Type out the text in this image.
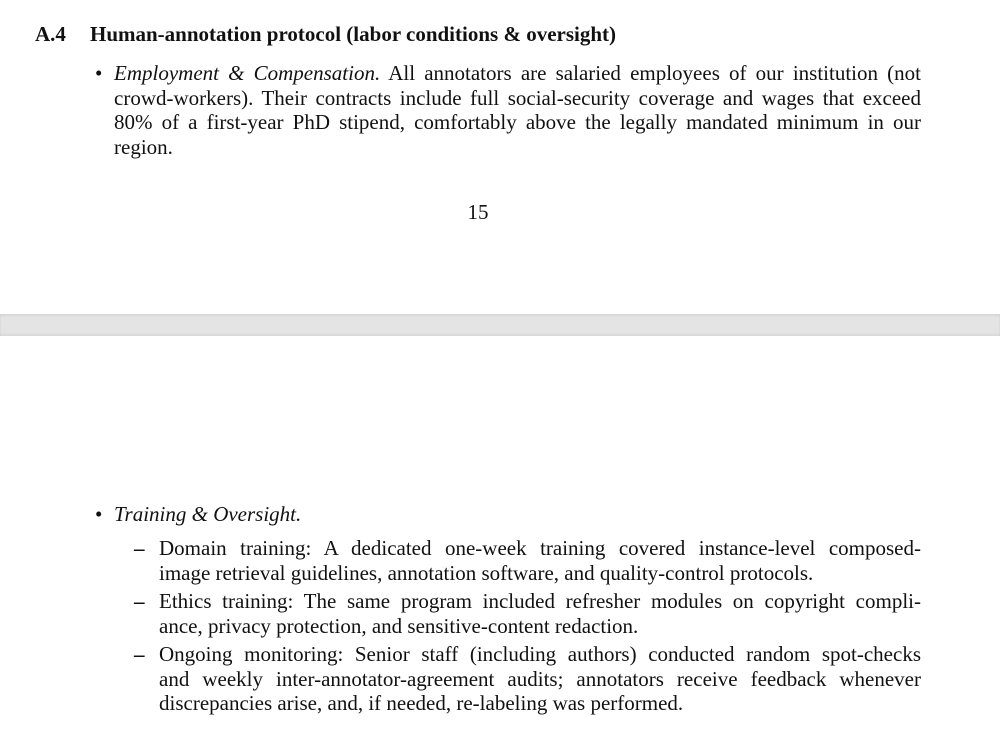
A.4 Human-annotation protocol (labor conditions & oversight)
• Employment & Compensation. All annotators are salaried employees of our institution (not
crowd-workers). Their contracts include full social-security coverage and wages that exceed
80% of a first-year PhD stipend, comfortably above the legally mandated minimum in our
region.
15
• Training & Oversight.
– Domain training: A dedicated one-week training covered instance-level composed-
image retrieval guidelines, annotation software, and quality-control protocols.
– Ethics training: The same program included refresher modules on copyright compli-
ance, privacy protection, and sensitive-content redaction.
– Ongoing monitoring: Senior staff (including authors) conducted random spot-checks
and weekly inter-annotator-agreement audits; annotators receive feedback whenever
discrepancies arise, and, if needed, re-labeling was performed.
